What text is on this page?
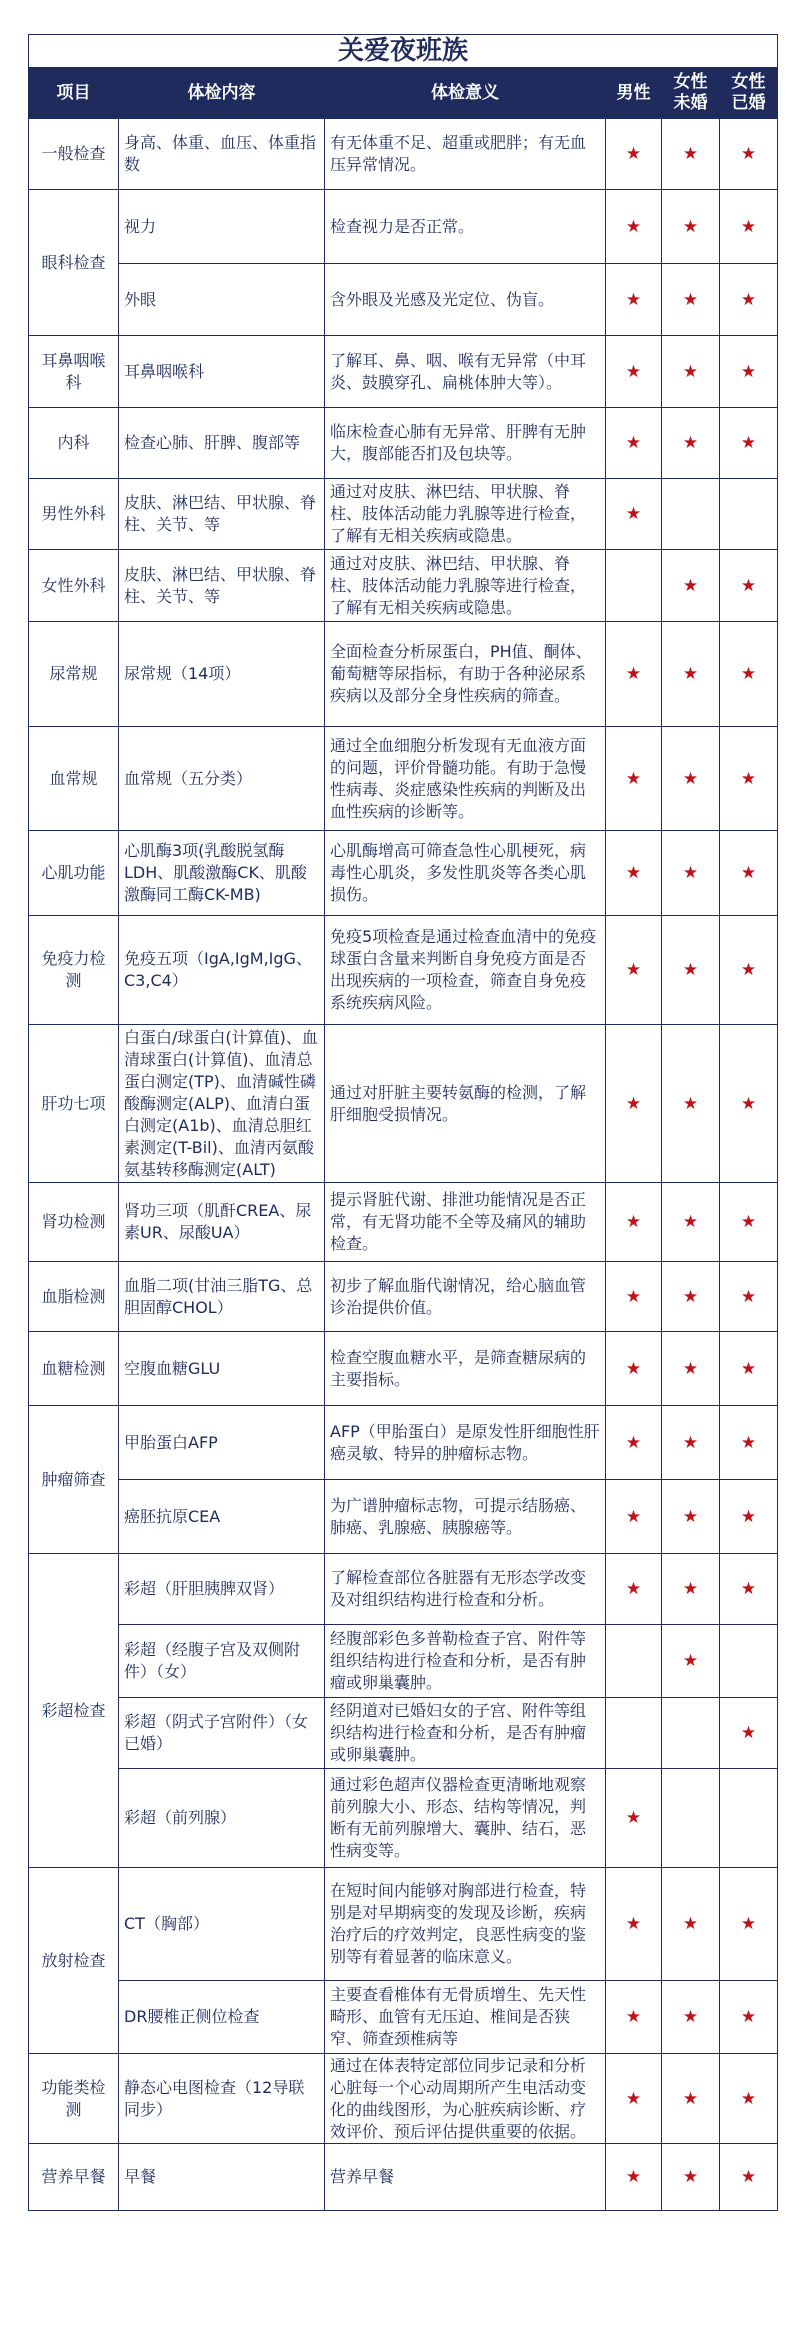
关爱夜班族					
项目	体检内容	体检意义	男性	女性未婚	女性已婚

一般检查	身高、体重、血压、体重指数	有无体重不足、超重或肥胖；有无血压异常情况。	★	★	★
眼科检查	视力	检查视力是否正常。	★	★	★
	外眼	含外眼及光感及光定位、伪盲。	★	★	★
耳鼻咽喉科	耳鼻咽喉科	了解耳、鼻、咽、喉有无异常（中耳炎、鼓膜穿孔、扁桃体肿大等）。	★	★	★
内科	检查心肺、肝脾、腹部等	临床检查心肺有无异常、肝脾有无肿大，腹部能否扪及包块等。	★	★	★
男性外科	皮肤、淋巴结、甲状腺、脊柱、关节、等	通过对皮肤、淋巴结、甲状腺、脊柱、肢体活动能力乳腺等进行检查，了解有无相关疾病或隐患。	★		
女性外科	皮肤、淋巴结、甲状腺、脊柱、关节、等	通过对皮肤、淋巴结、甲状腺、脊柱、肢体活动能力乳腺等进行检查，了解有无相关疾病或隐患。		★	★
尿常规	尿常规（14项）	全面检查分析尿蛋白，PH值、酮体、葡萄糖等尿指标，有助于各种泌尿系疾病以及部分全身性疾病的筛查。	★	★	★
血常规	血常规（五分类）	通过全血细胞分析发现有无血液方面的问题，评价骨髓功能。有助于急慢性病毒、炎症感染性疾病的判断及出血性疾病的诊断等。	★	★	★
心肌功能	心肌酶3项(乳酸脱氢酶LDH、肌酸激酶CK、肌酸激酶同工酶CK-MB)	心肌酶增高可筛查急性心肌梗死，病毒性心肌炎，多发性肌炎等各类心肌损伤。	★	★	★
免疫力检测	免疫五项（IgA,IgM,IgG、C3,C4）	免疫5项检查是通过检查血清中的免疫球蛋白含量来判断自身免疫方面是否出现疾病的一项检查，筛查自身免疫系统疾病风险。	★	★	★
肝功七项	白蛋白/球蛋白(计算值)、血清球蛋白(计算值)、血清总蛋白测定(TP)、血清碱性磷酸酶测定(ALP)、血清白蛋白测定(A1b)、血清总胆红素测定(T-Bil)、血清丙氨酸氨基转移酶测定(ALT)	通过对肝脏主要转氨酶的检测，了解肝细胞受损情况。	★	★	★
肾功检测	肾功三项（肌酐CREA、尿素UR、尿酸UA）	提示肾脏代谢、排泄功能情况是否正常，有无肾功能不全等及痛风的辅助检查。	★	★	★
血脂检测	血脂二项(甘油三脂TG、总胆固醇CHOL）	初步了解血脂代谢情况，给心脑血管诊治提供价值。	★	★	★
血糖检测	空腹血糖GLU	检查空腹血糖水平，是筛查糖尿病的主要指标。	★	★	★
肿瘤筛查	甲胎蛋白AFP	AFP（甲胎蛋白）是原发性肝细胞性肝癌灵敏、特异的肿瘤标志物。	★	★	★
	癌胚抗原CEA	为广谱肿瘤标志物，可提示结肠癌、肺癌、乳腺癌、胰腺癌等。	★	★	★
彩超检查	彩超（肝胆胰脾双肾）	了解检查部位各脏器有无形态学改变及对组织结构进行检查和分析。	★	★	★
	彩超（经腹子宫及双侧附件）（女）	经腹部彩色多普勒检查子宫、附件等组织结构进行检查和分析，是否有肿瘤或卵巢囊肿。		★	
	彩超（阴式子宫附件）（女已婚）	经阴道对已婚妇女的子宫、附件等组织结构进行检查和分析，是否有肿瘤或卵巢囊肿。			★
	彩超（前列腺）	通过彩色超声仪器检查更清晰地观察前列腺大小、形态、结构等情况，判断有无前列腺增大、囊肿、结石，恶性病变等。	★		
放射检查	CT（胸部）	在短时间内能够对胸部进行检查，特别是对早期病变的发现及诊断，疾病治疗后的疗效判定，良恶性病变的鉴别等有着显著的临床意义。	★	★	★
	DR腰椎正侧位检查	主要查看椎体有无骨质增生、先天性畸形、血管有无压迫、椎间是否狭窄、筛查颈椎病等	★	★	★
功能类检测	静态心电图检查（12导联同步）	通过在体表特定部位同步记录和分析心脏每一个心动周期所产生电活动变化的曲线图形，为心脏疾病诊断、疗效评价、预后评估提供重要的依据。	★	★	★
营养早餐	早餐	营养早餐	★	★	★
